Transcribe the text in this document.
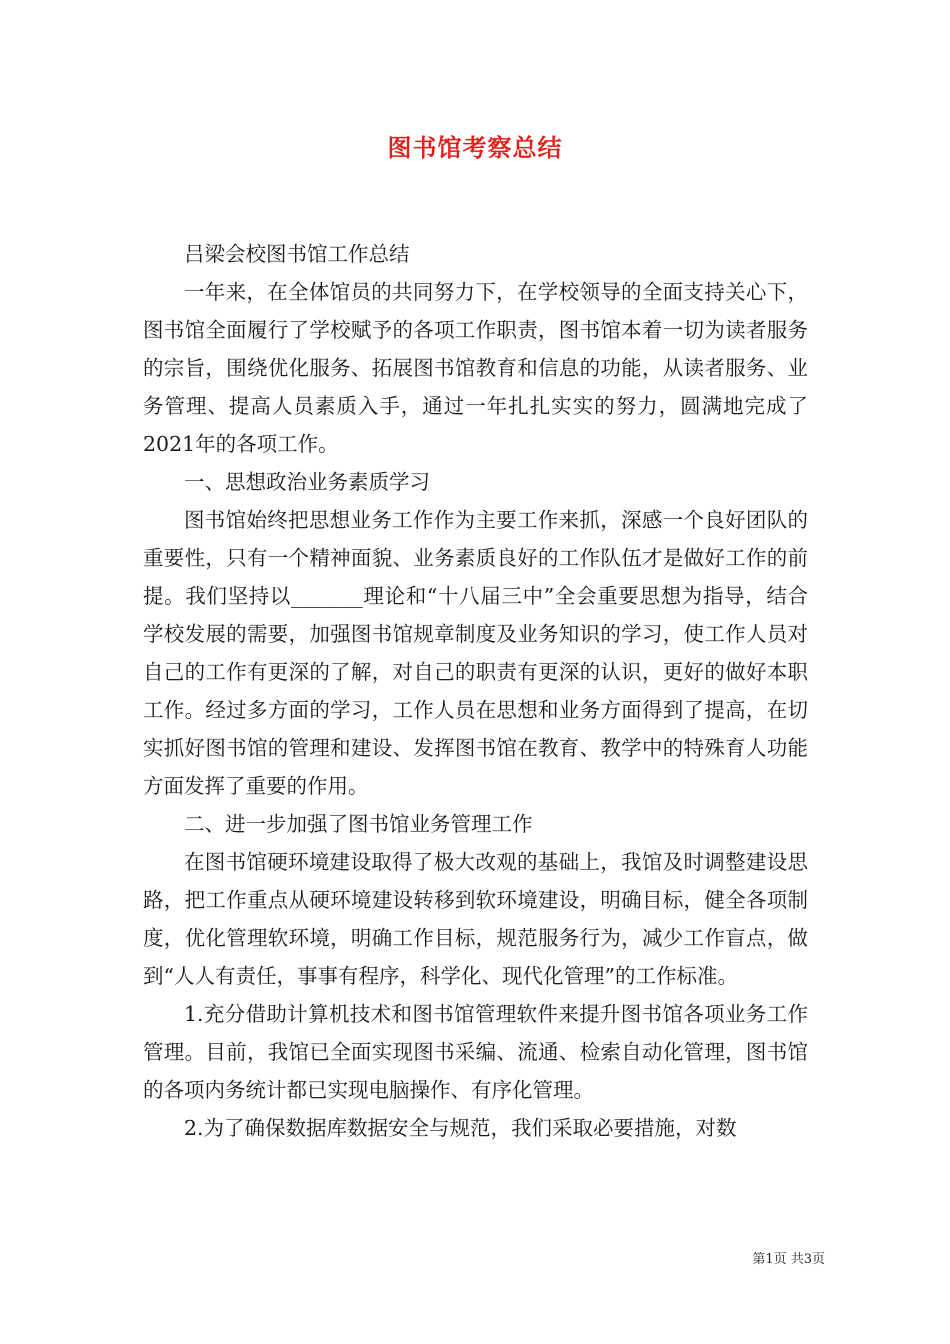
图书馆考察总结

吕梁会校图书馆工作总结

一年来，在全体馆员的共同努力下，在学校领导的全面支持关心下，图书馆全面履行了学校赋予的各项工作职责，图书馆本着一切为读者服务的宗旨，围绕优化服务、拓展图书馆教育和信息的功能，从读者服务、业务管理、提高人员素质入手，通过一年扎扎实实的努力，圆满地完成了2021年的各项工作。

一、思想政治业务素质学习

图书馆始终把思想业务工作作为主要工作来抓，深感一个良好团队的重要性，只有一个精神面貌、业务素质良好的工作队伍才是做好工作的前提。我们坚持以_______理论和“十八届三中”全会重要思想为指导，结合学校发展的需要，加强图书馆规章制度及业务知识的学习，使工作人员对自己的工作有更深的了解，对自己的职责有更深的认识，更好的做好本职工作。经过多方面的学习，工作人员在思想和业务方面得到了提高，在切实抓好图书馆的管理和建设、发挥图书馆在教育、教学中的特殊育人功能方面发挥了重要的作用。

二、进一步加强了图书馆业务管理工作

在图书馆硬环境建设取得了极大改观的基础上，我馆及时调整建设思路，把工作重点从硬环境建设转移到软环境建设，明确目标，健全各项制度，优化管理软环境，明确工作目标，规范服务行为，减少工作盲点，做到“人人有责任，事事有程序，科学化、现代化管理”的工作标准。

1.充分借助计算机技术和图书馆管理软件来提升图书馆各项业务工作管理。目前，我馆已全面实现图书采编、流通、检索自动化管理，图书馆的各项内务统计都已实现电脑操作、有序化管理。

2.为了确保数据库数据安全与规范，我们采取必要措施，对数

第1页 共3页
